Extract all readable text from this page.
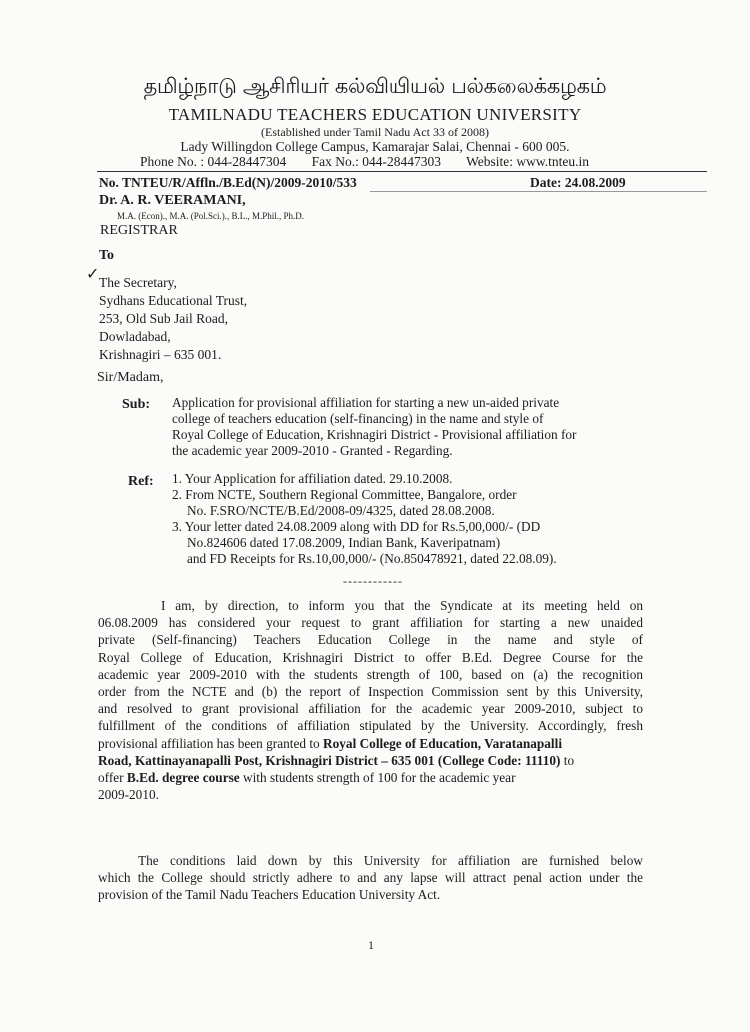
தமிழ்நாடு ஆசிரியர் கல்வியியல் பல்கலைக்கழகம்
TAMILNADU TEACHERS EDUCATION UNIVERSITY
(Established under Tamil Nadu Act 33 of 2008)
Lady Willingdon College Campus, Kamarajar Salai, Chennai - 600 005.
Phone No. : 044-28447304 Fax No.: 044-28447303 Website: www.tnteu.in
No. TNTEU/R/Affln./B.Ed(N)/2009-2010/533	Date: 24.08.2009
Dr. A. R. VEERAMANI,
M.A. (Econ)., M.A. (Pol.Sci.)., B.L., M.Phil., Ph.D.
REGISTRAR
To
✓ The Secretary,
Sydhans Educational Trust,
253, Old Sub Jail Road,
Dowladabad,
Krishnagiri – 635 001.
Sir/Madam,
Sub: Application for provisional affiliation for starting a new un-aided private
college of teachers education (self-financing) in the name and style of
Royal College of Education, Krishnagiri District - Provisional affiliation for
the academic year 2009-2010 - Granted - Regarding.
Ref: 1. Your Application for affiliation dated. 29.10.2008.
2. From NCTE, Southern Regional Committee, Bangalore, order
No. F.SRO/NCTE/B.Ed/2008-09/4325, dated 28.08.2008.
3. Your letter dated 24.08.2009 along with DD for Rs.5,00,000/- (DD
No.824606 dated 17.08.2009, Indian Bank, Kaveripatnam)
and FD Receipts for Rs.10,00,000/- (No.850478921, dated 22.08.09).
------------
I am, by direction, to inform you that the Syndicate at its meeting held on
06.08.2009 has considered your request to grant affiliation for starting a new unaided
private (Self-financing) Teachers Education College in the name and style of
Royal College of Education, Krishnagiri District to offer B.Ed. Degree Course for the
academic year 2009-2010 with the students strength of 100, based on (a) the recognition
order from the NCTE and (b) the report of Inspection Commission sent by this University,
and resolved to grant provisional affiliation for the academic year 2009-2010, subject to
fulfillment of the conditions of affiliation stipulated by the University. Accordingly, fresh
provisional affiliation has been granted to Royal College of Education, Varatanapalli
Road, Kattinayanapalli Post, Krishnagiri District – 635 001 (College Code: 11110) to
offer B.Ed. degree course with students strength of 100 for the academic year
2009-2010.
The conditions laid down by this University for affiliation are furnished below
which the College should strictly adhere to and any lapse will attract penal action under the
provision of the Tamil Nadu Teachers Education University Act.
1
